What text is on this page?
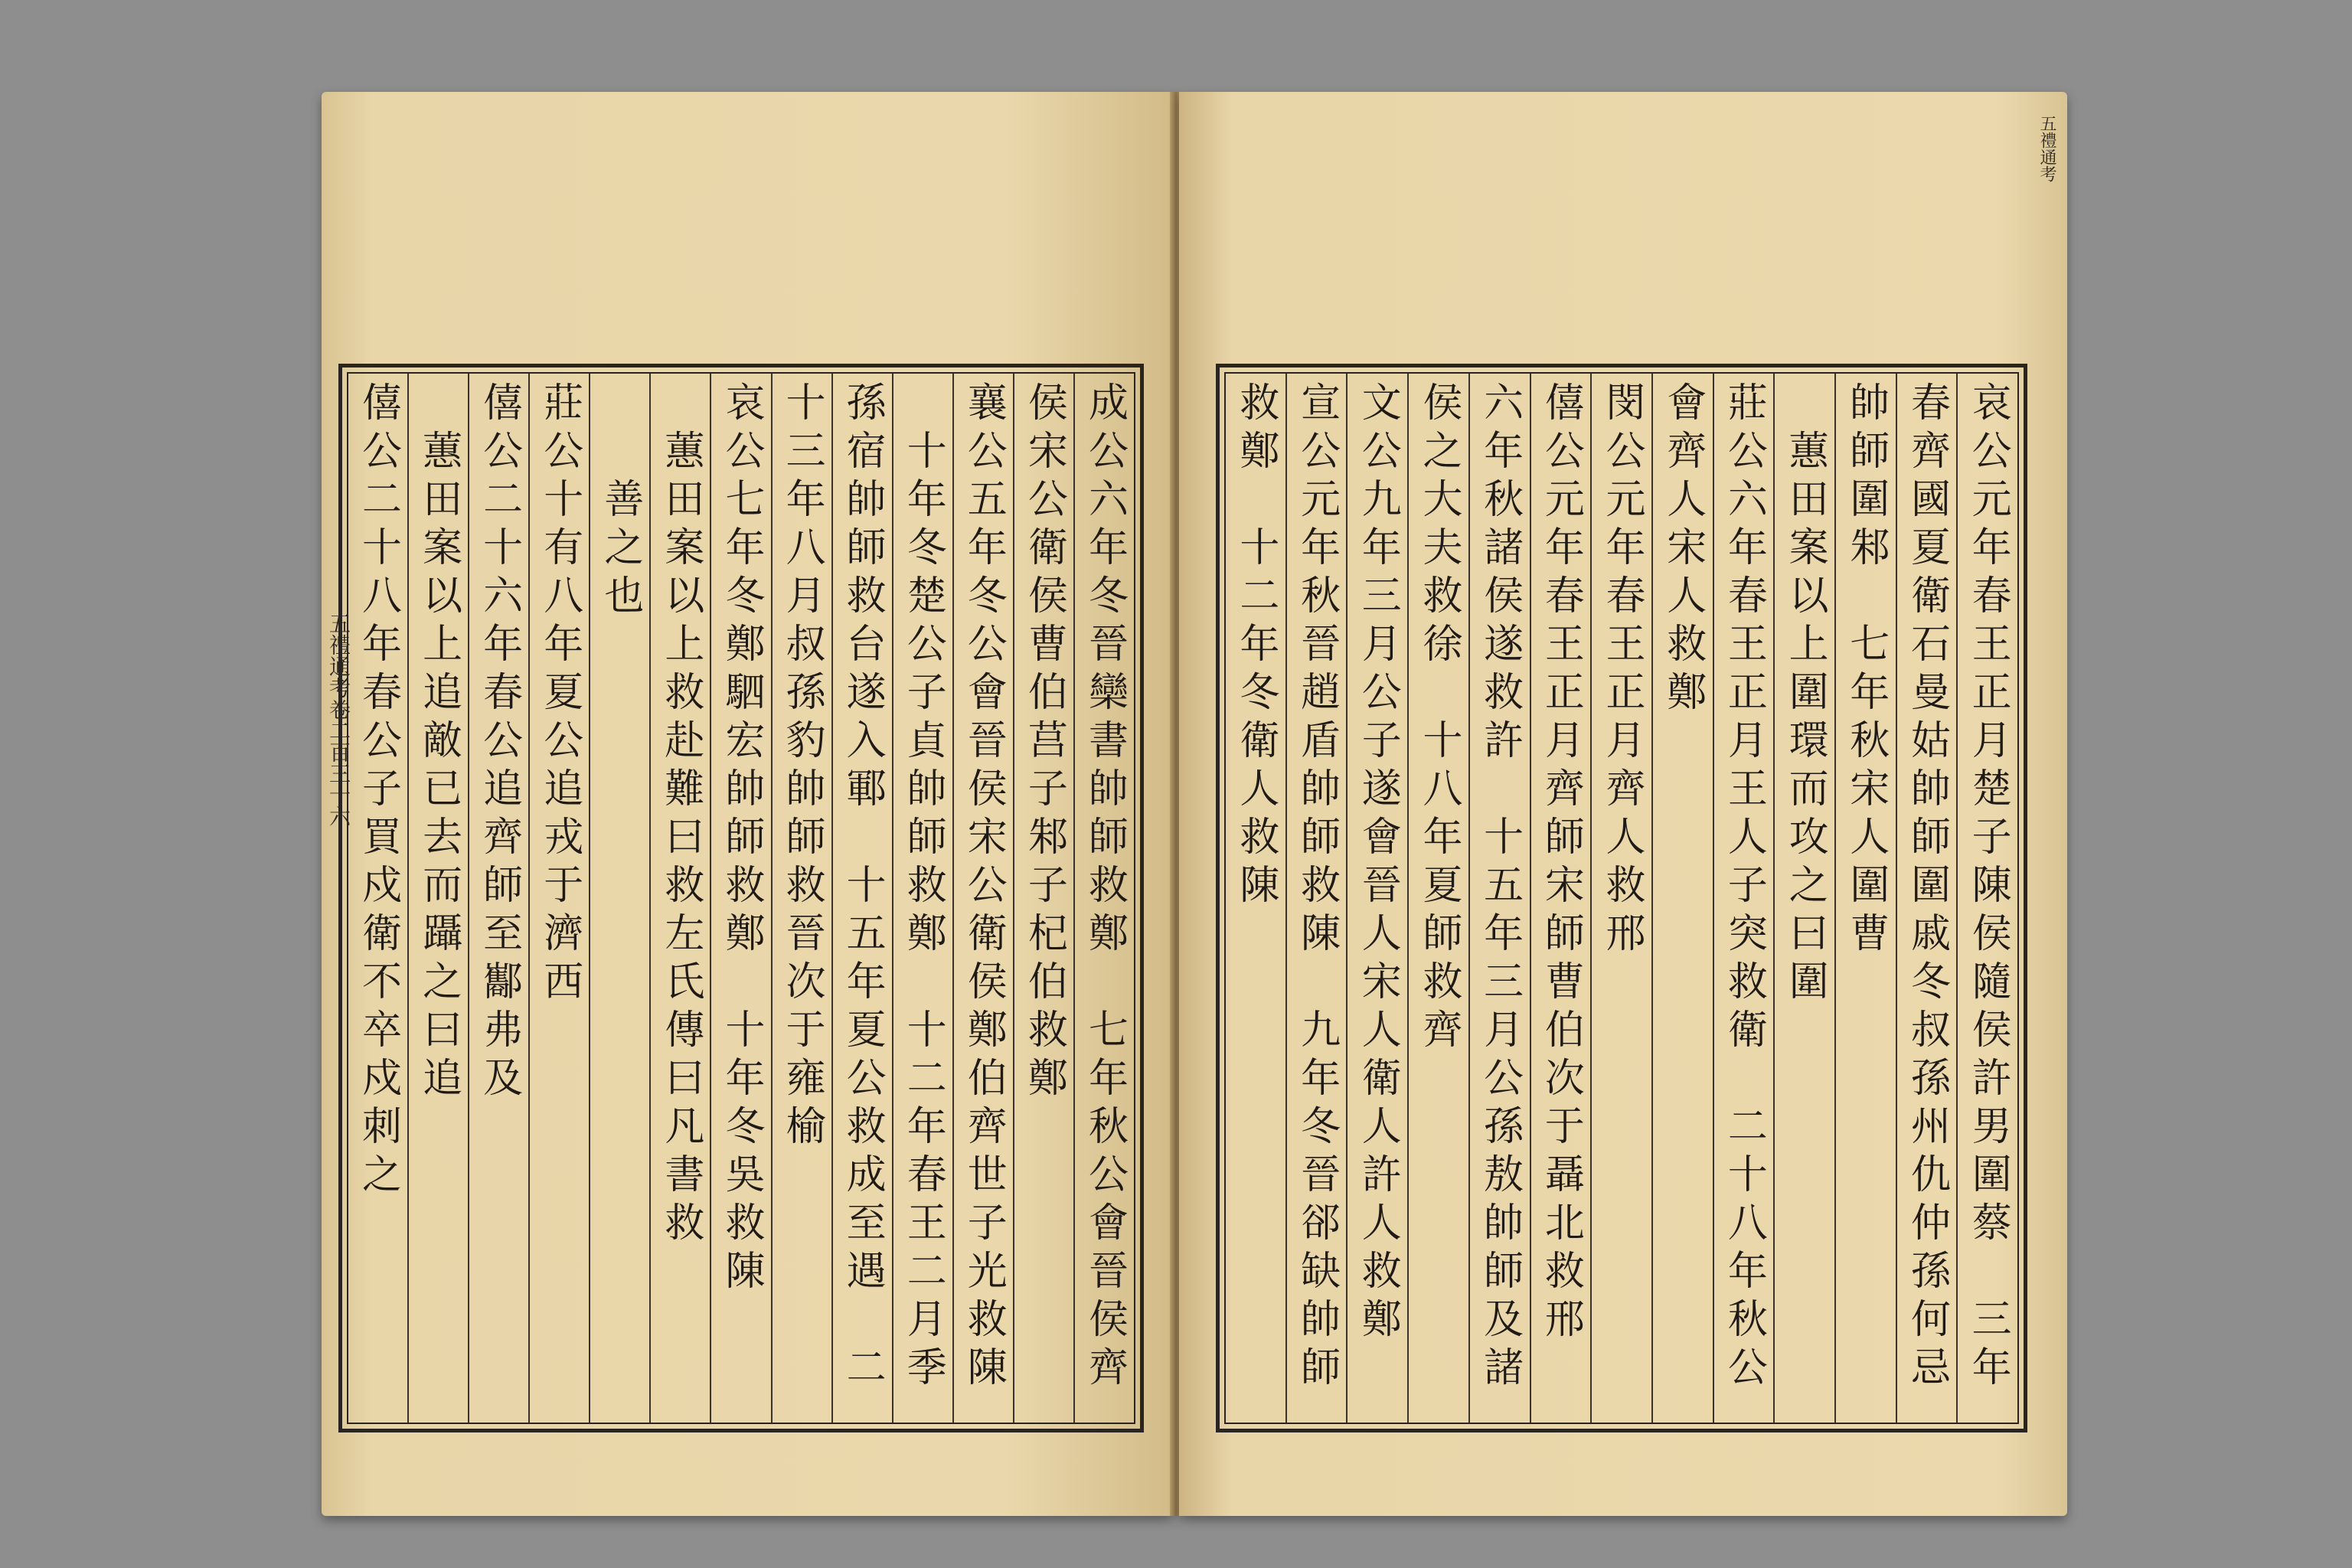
成公六年冬晉欒書帥師救鄭　七年秋公會晉侯齊
侯宋公衛侯曹伯莒子邾子杞伯救鄭
襄公五年冬公會晉侯宋公衛侯鄭伯齊世子光救陳
　十年冬楚公子貞帥師救鄭　十二年春王二月季
孫宿帥師救台遂入鄆　十五年夏公救成至遇　二
十三年八月叔孫豹帥師救晉次于雍榆
哀公七年冬鄭駟宏帥師救鄭　十年冬吳救陳
　蕙田案以上救赴難曰救左氏傳曰凡書救
　　善之也
莊公十有八年夏公追戎于濟西
僖公二十六年春公追齊師至酅弗及
　蕙田案以上追敵已去而躡之曰追
僖公二十八年春公子買戍衛不卒戍刺之
五禮通考卷二百三十六	哀公元年春王正月楚子陳侯隨侯許男圍蔡　三年
春齊國夏衛石曼姑帥師圍戚冬叔孫州仇仲孫何忌
帥師圍邾　七年秋宋人圍曹
　蕙田案以上圍環而攻之曰圍
莊公六年春王正月王人子突救衛　二十八年秋公
會齊人宋人救鄭
閔公元年春王正月齊人救邢
僖公元年春王正月齊師宋師曹伯次于聶北救邢
六年秋諸侯遂救許　十五年三月公孫敖帥師及諸
侯之大夫救徐　十八年夏師救齊
文公九年三月公子遂會晉人宋人衛人許人救鄭
宣公元年秋晉趙盾帥師救陳　九年冬晉郤缺帥師
救鄭　十二年冬衛人救陳
五禮通考
